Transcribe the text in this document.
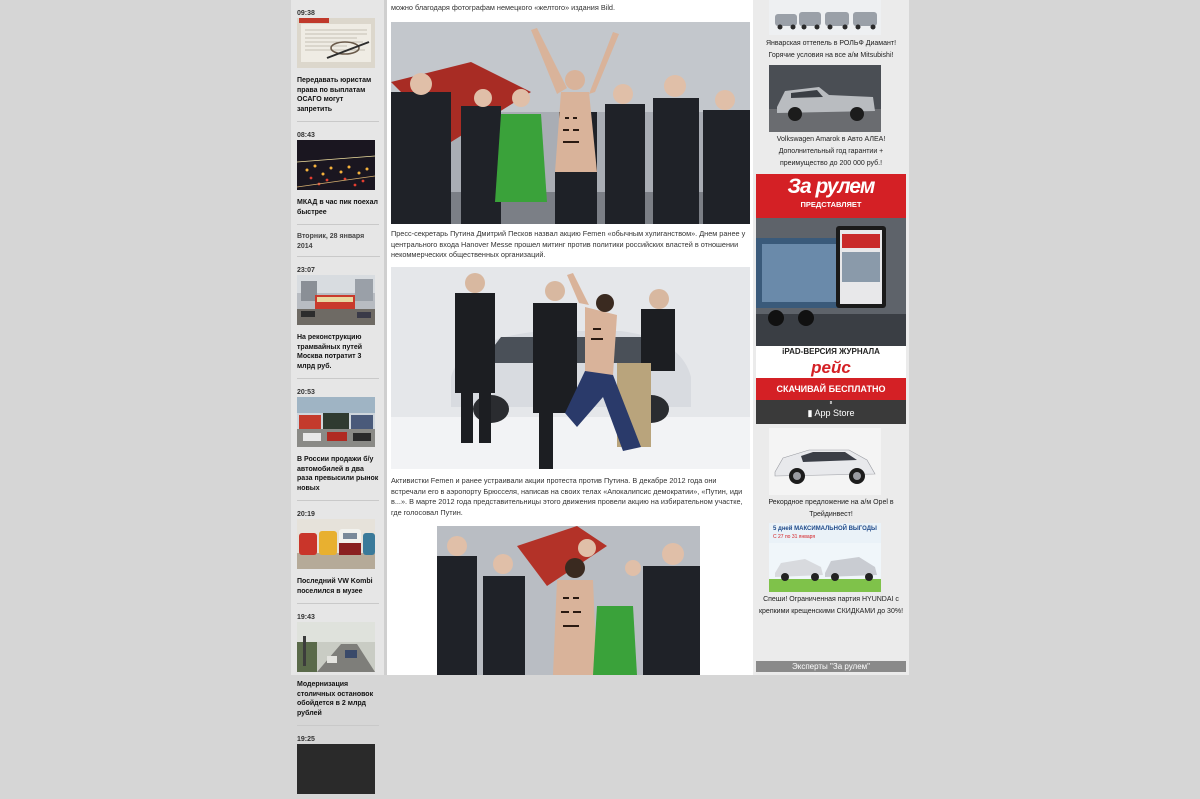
09:38
Передавать юристам права по выплатам ОСАГО могут запретить
08:43
МКАД в час пик поехал быстрее
Вторник, 28 января 2014
23:07
На реконструкцию трамвайных путей Москва потратит 3 млрд руб.
20:53
В России продажи б/у автомобилей в два раза превысили рынок новых
20:19
Последний VW Kombi поселился в музее
19:43
Модернизация столичных остановок обойдется в 2 млрд рублей
19:25
можно благодаря фотографам немецкого «желтого» издания Bild.
Пресс-секретарь Путина Дмитрий Песков назвал акцию Femen «обычным хулиганством». Днем ранее у центрального входа Hanover Messe прошел митинг против политики российских властей в отношении некоммерческих общественных организаций.
Активистки Femen и ранее устраивали акции протеста против Путина. В декабре 2012 года они встречали его в аэропорту Брюсселя, написав на своих телах «Апокалипсис демократии», «Путин, иди в...». В марте 2012 года представительницы этого движения провели акцию на избирательном участке, где голосовал Путин.
Январская оттепель в РОЛЬФ Диамант!
Горячие условия на все а/м Mitsubishi!
Volkswagen Amarok в Авто АЛЕА!
Дополнительный год гарантии +
преимущество до 200 000 руб.!
За рулем
ПРЕДСТАВЛЯЕТ
iPAD-ВЕРСИЯ ЖУРНАЛА
рейс
СКАЧИВАЙ БЕСПЛАТНО
в
▮ App Store
Рекордное предложение на а/м Opel в
Трейдинвест!
5 дней МАКСИМАЛЬНОЙ ВЫГОДЫ
С 27 по 31 января
Спеши! Ограниченная партия HYUNDAI с
крепкими крещенскими СКИДКАМИ до 30%!
Эксперты "За рулем"
